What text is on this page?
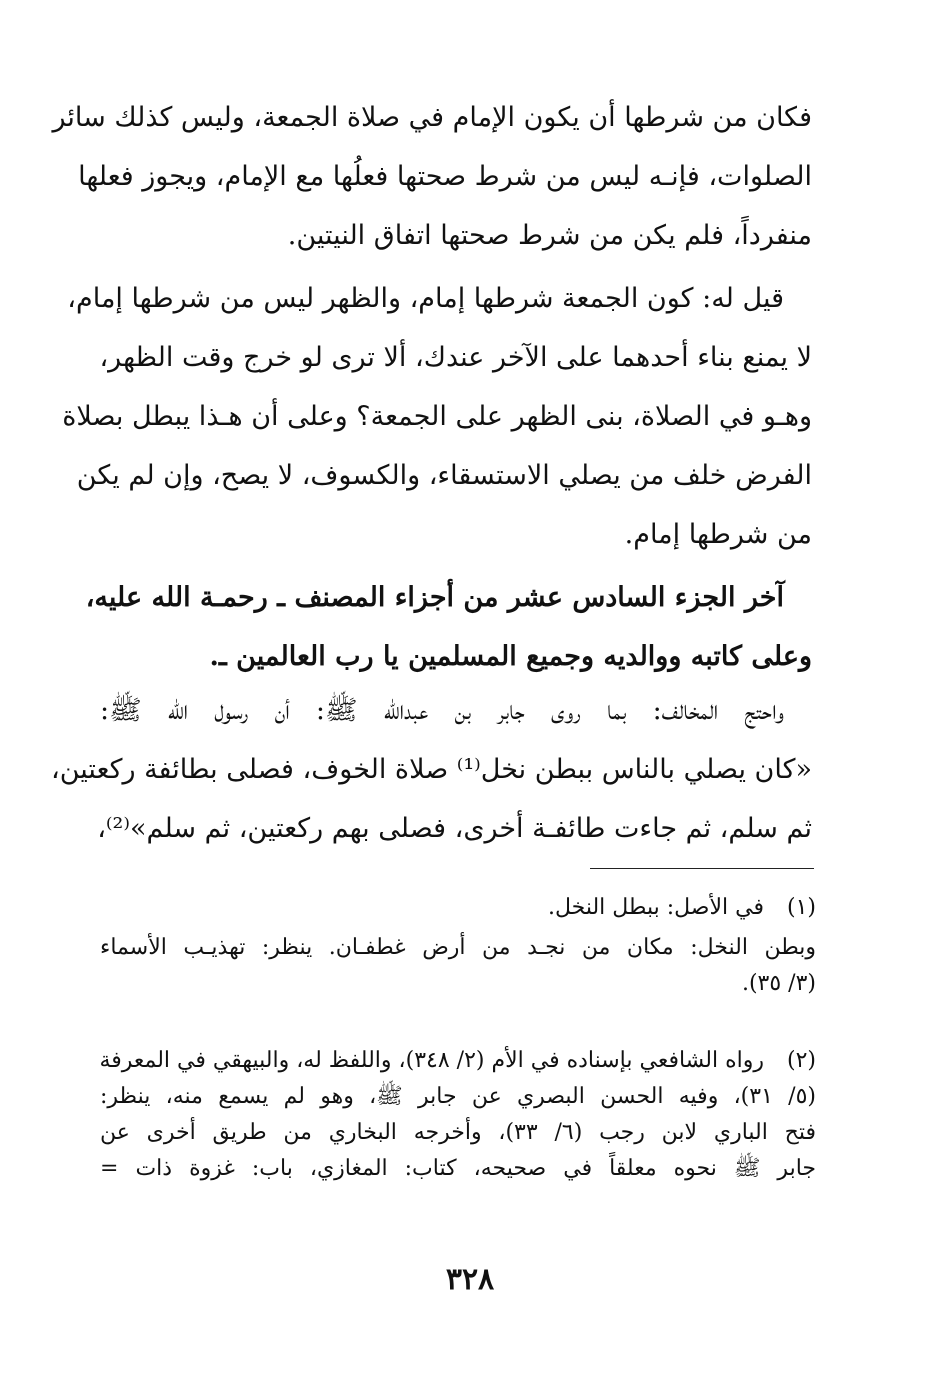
فكان من شرطها أن يكون الإمام في صلاة الجمعة، وليس كذلك سائر
الصلوات، فإنـه ليس من شرط صحتها فعلُها مع الإمام، ويجوز فعلها
منفرداً، فلم يكن من شرط صحتها اتفاق النيتين.
قيل له: كون الجمعة شرطها إمام، والظهر ليس من شرطها إمام،
لا يمنع بناء أحدهما على الآخر عندك، ألا ترى لو خرج وقت الظهر،
وهـو في الصلاة، بنى الظهر على الجمعة؟ وعلى أن هـذا يبطل بصلاة
الفرض خلف من يصلي الاستسقاء، والكسوف، لا يصح، وإن لم يكن
من شرطها إمام.
آخر الجزء السادس عشر من أجزاء المصنف ـ رحمـة الله عليه،
وعلى كاتبه ووالديه وجميع المسلمين يا رب العالمين ـ.
واحتج المخالف: بما روى جابر بن عبدالله ﷺ: أن رسول الله ﷺ:
«كان يصلي بالناس ببطن نخل⁽¹⁾ صلاة الخوف، فصلى بطائفة ركعتين،
ثم سلم، ثم جاءت طائفـة أخرى، فصلى بهم ركعتين، ثم سلم»⁽²⁾،
(١)
في الأصل: ببطل النخل.
وبطن النخل: مكان من نجـد من أرض غطفـان. ينظر: تهذيـب الأسماء
(٣/ ٣٥).
(٢)
رواه الشافعي بإسناده في الأم (٢/ ٣٤٨)، واللفظ له، والبيهقي في المعرفة
(٥/ ٣١)، وفيه الحسن البصري عن جابر ﷺ، وهو لم يسمع منه، ينظر:
فتح الباري لابن رجب (٦/ ٣٣)، وأخرجه البخاري من طريق أخرى عن
جابر ﷺ نحوه معلقاً في صحيحه، كتاب: المغازي، باب: غزوة ذات =
٣٢٨
